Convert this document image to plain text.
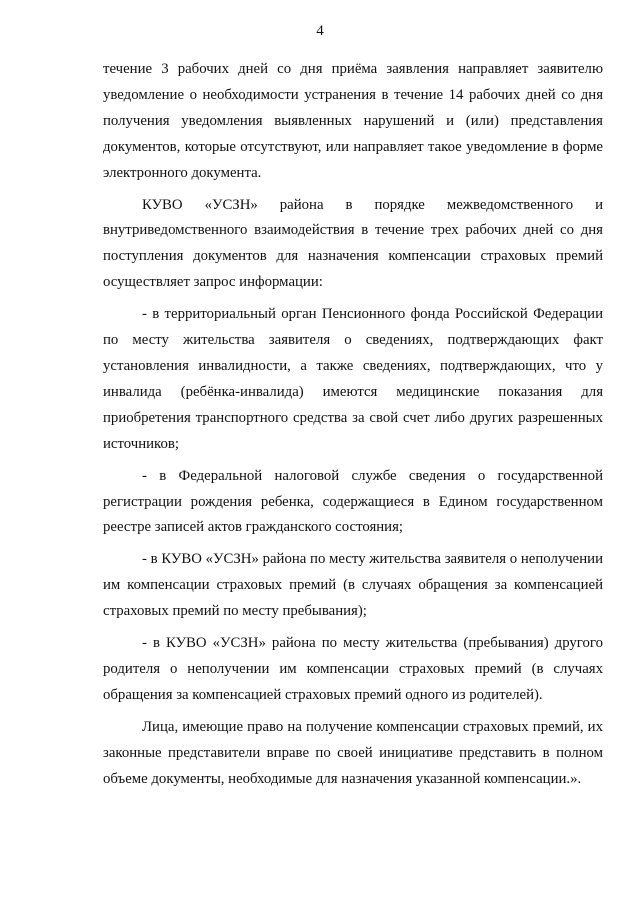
4

течение 3 рабочих дней со дня приёма заявления направляет заявителю уведомление о необходимости устранения в течение 14 рабочих дней со дня получения уведомления выявленных нарушений и (или) представления документов, которые отсутствуют, или направляет такое уведомление в форме электронного документа.

КУВО «УСЗН» района в порядке межведомственного и внутриведомственного взаимодействия в течение трех рабочих дней со дня поступления документов для назначения компенсации страховых премий осуществляет запрос информации:

- в территориальный орган Пенсионного фонда Российской Федерации по месту жительства заявителя о сведениях, подтверждающих факт установления инвалидности, а также сведениях, подтверждающих, что у инвалида (ребёнка-инвалида) имеются медицинские показания для приобретения транспортного средства за свой счет либо других разрешенных источников;

- в Федеральной налоговой службе сведения о государственной регистрации рождения ребенка, содержащиеся в Едином государственном реестре записей актов гражданского состояния;

- в КУВО «УСЗН» района по месту жительства заявителя о неполучении им компенсации страховых премий (в случаях обращения за компенсацией страховых премий по месту пребывания);

- в КУВО «УСЗН» района по месту жительства (пребывания) другого родителя о неполучении им компенсации страховых премий (в случаях обращения за компенсацией страховых премий одного из родителей).

Лица, имеющие право на получение компенсации страховых премий, их законные представители вправе по своей инициативе представить в полном объеме документы, необходимые для назначения указанной компенсации.».
